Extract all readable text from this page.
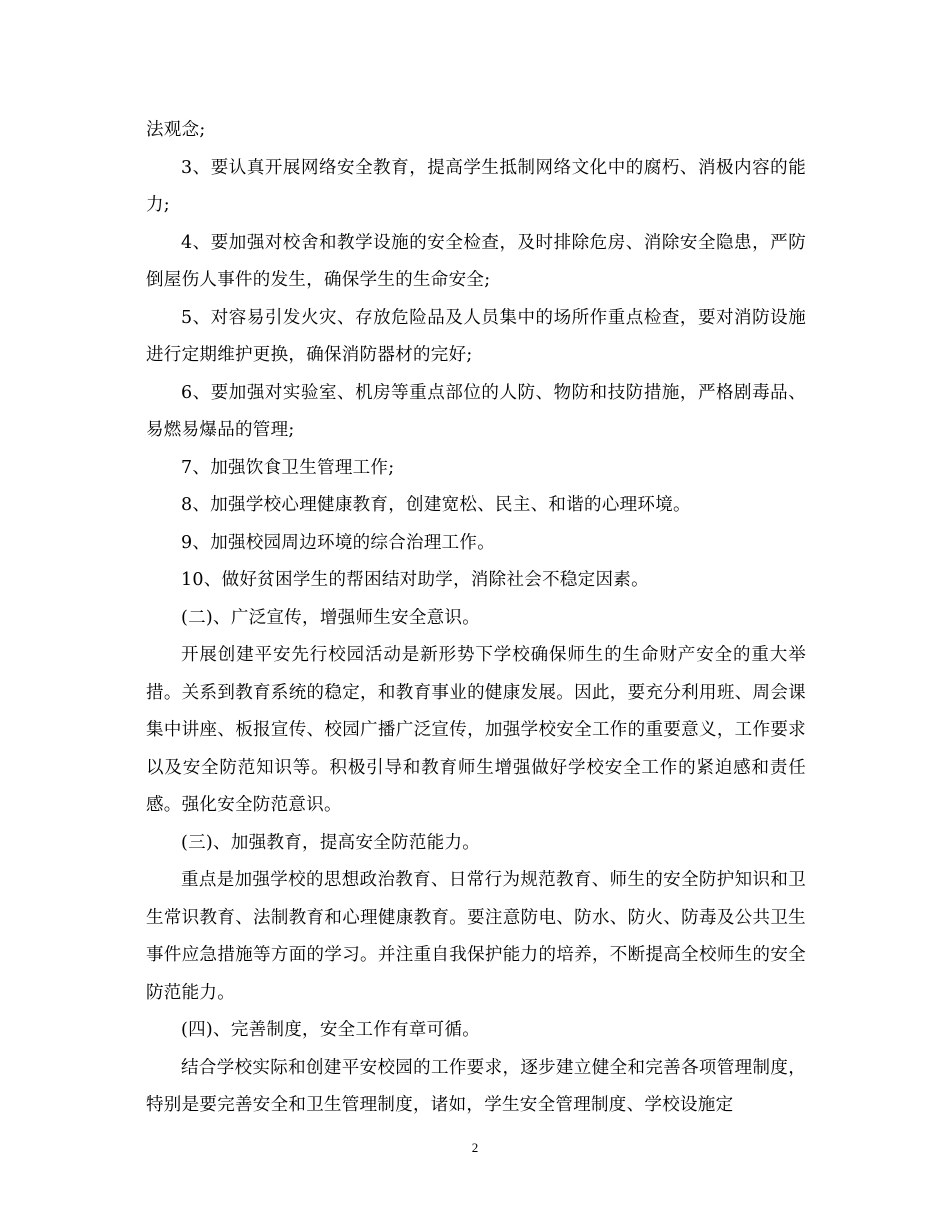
法观念;

3、要认真开展网络安全教育，提高学生抵制网络文化中的腐朽、消极内容的能力;

4、要加强对校舍和教学设施的安全检查，及时排除危房、消除安全隐患，严防倒屋伤人事件的发生，确保学生的生命安全;

5、对容易引发火灾、存放危险品及人员集中的场所作重点检查，要对消防设施进行定期维护更换，确保消防器材的完好;

6、要加强对实验室、机房等重点部位的人防、物防和技防措施，严格剧毒品、易燃易爆品的管理;

7、加强饮食卫生管理工作;

8、加强学校心理健康教育，创建宽松、民主、和谐的心理环境。

9、加强校园周边环境的综合治理工作。

10、做好贫困学生的帮困结对助学，消除社会不稳定因素。

(二)、广泛宣传，增强师生安全意识。

开展创建平安先行校园活动是新形势下学校确保师生的生命财产安全的重大举措。关系到教育系统的稳定，和教育事业的健康发展。因此，要充分利用班、周会课集中讲座、板报宣传、校园广播广泛宣传，加强学校安全工作的重要意义，工作要求以及安全防范知识等。积极引导和教育师生增强做好学校安全工作的紧迫感和责任感。强化安全防范意识。

(三)、加强教育，提高安全防范能力。

重点是加强学校的思想政治教育、日常行为规范教育、师生的安全防护知识和卫生常识教育、法制教育和心理健康教育。要注意防电、防水、防火、防毒及公共卫生事件应急措施等方面的学习。并注重自我保护能力的培养，不断提高全校师生的安全防范能力。

(四)、完善制度，安全工作有章可循。

结合学校实际和创建平安校园的工作要求，逐步建立健全和完善各项管理制度，特别是要完善安全和卫生管理制度，诸如，学生安全管理制度、学校设施定

2
